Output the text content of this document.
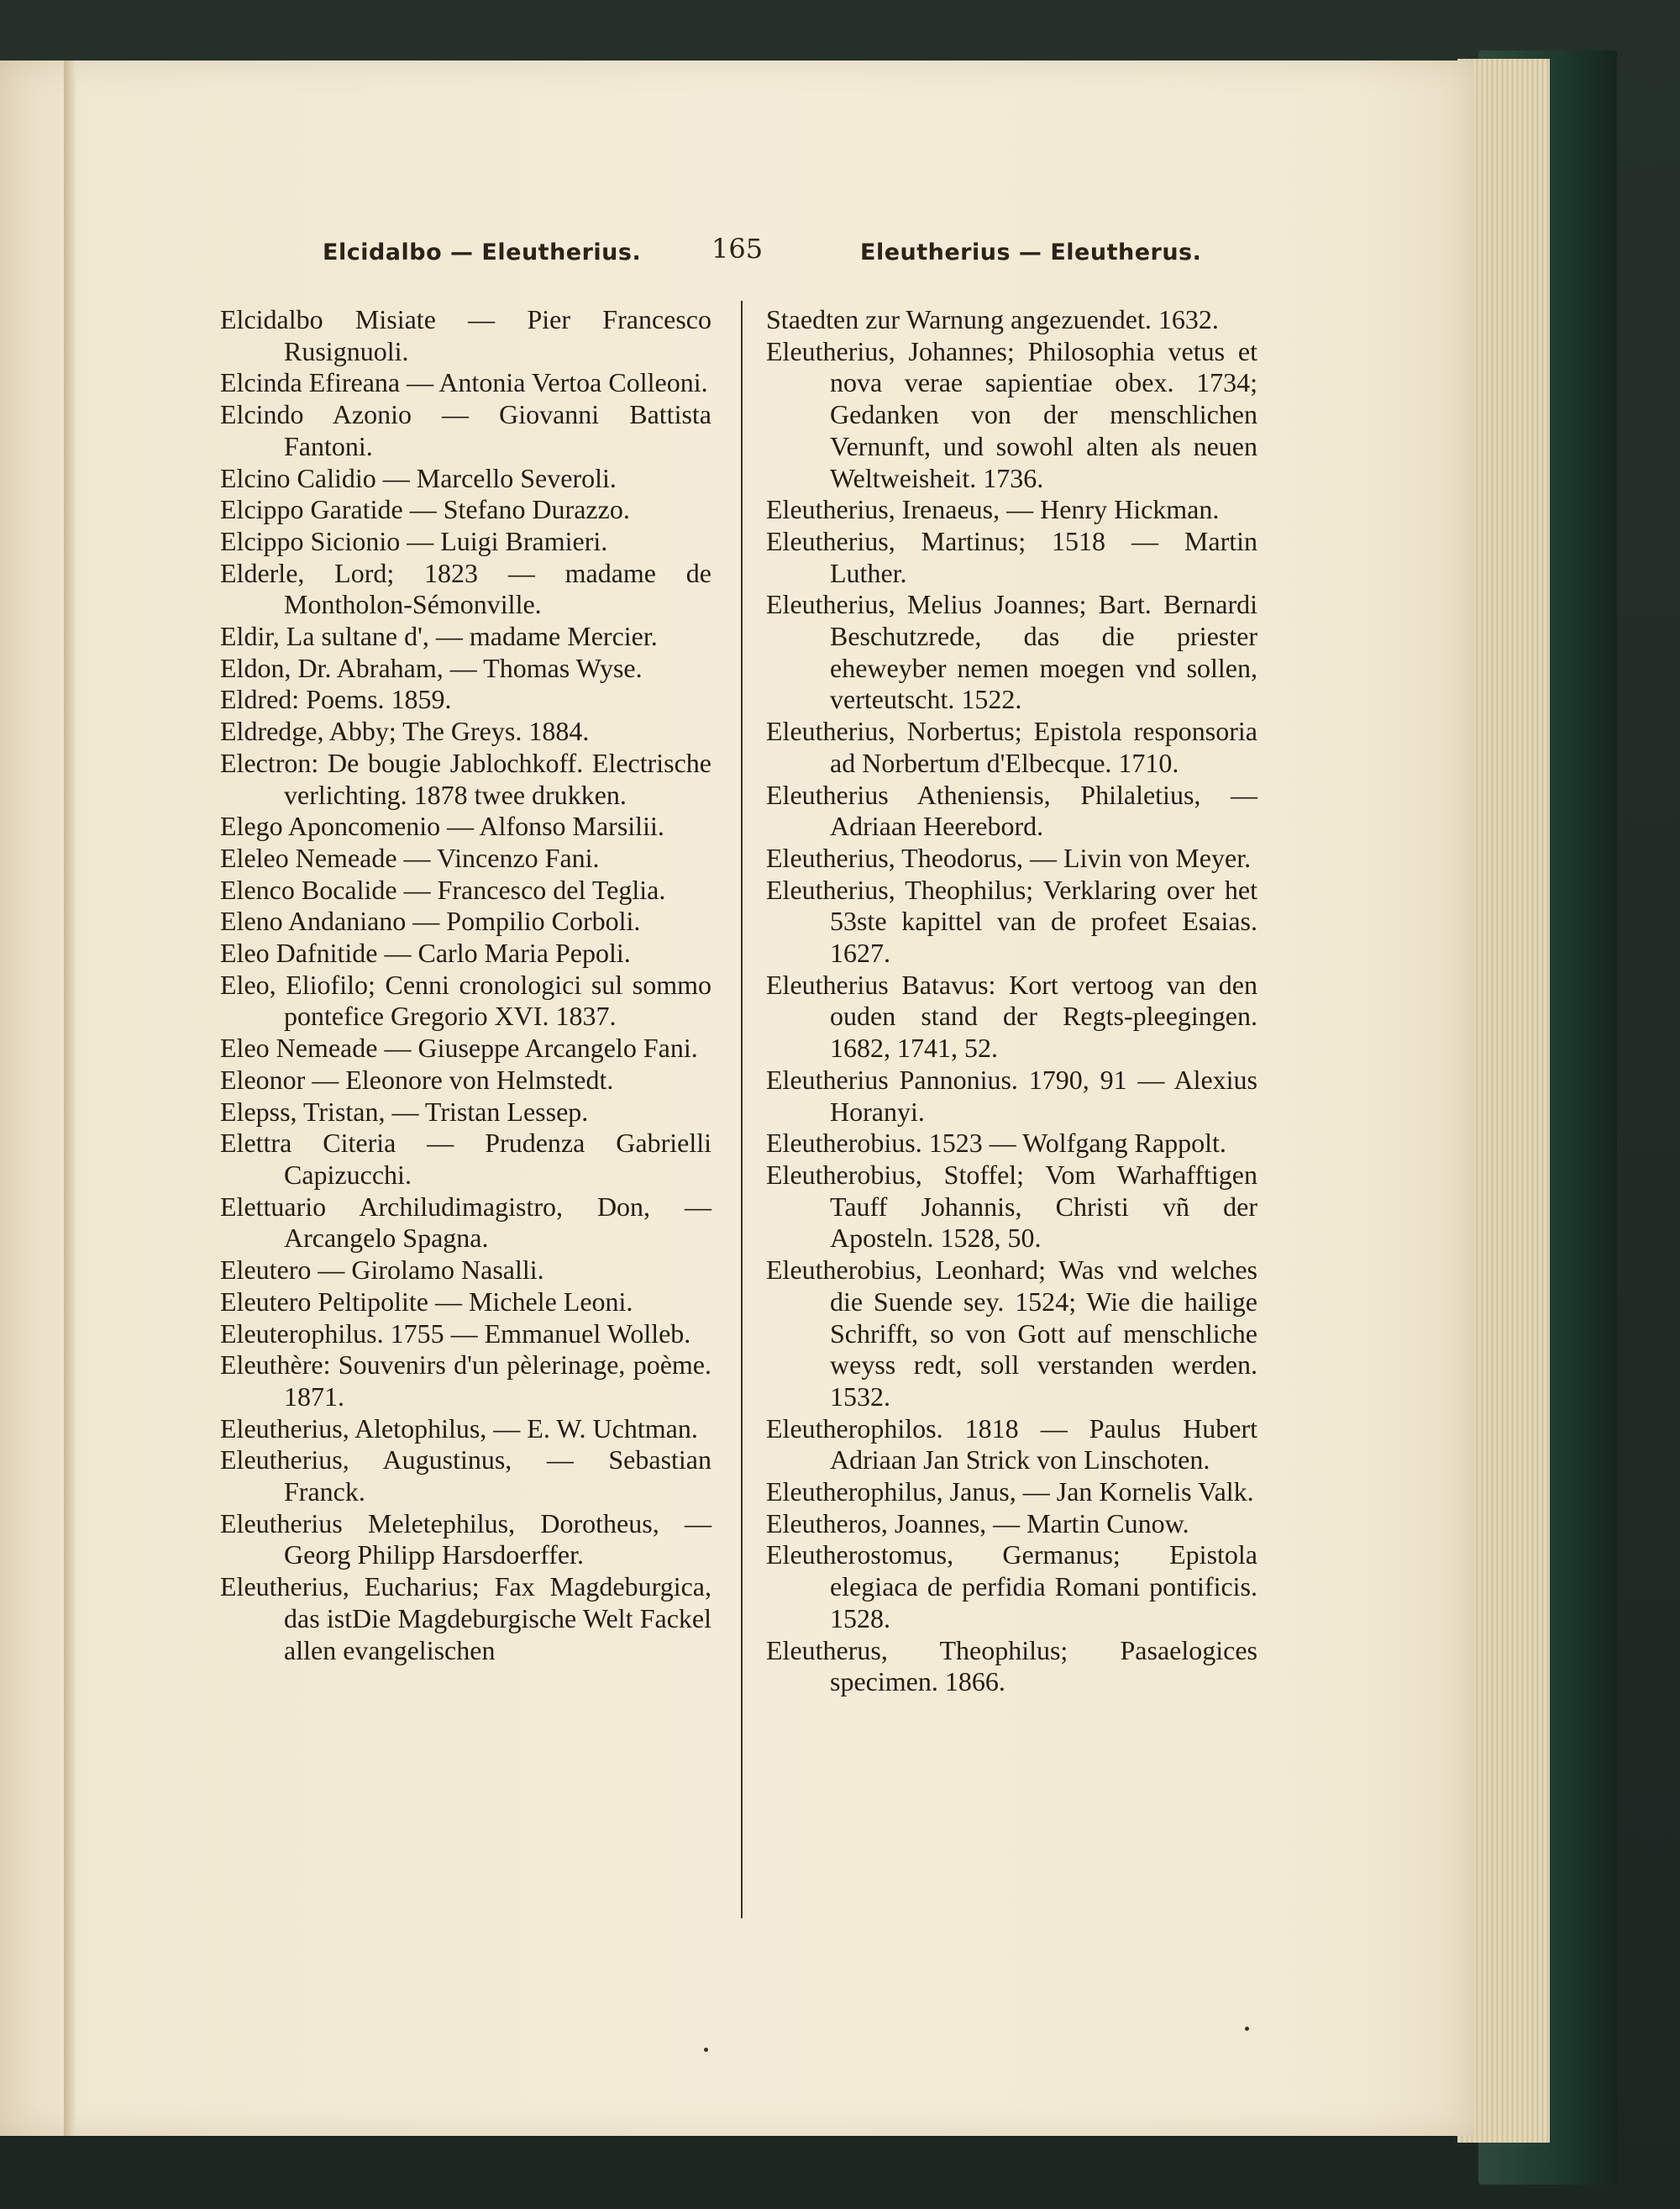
Elcidalbo — Eleutherius.	165	Eleutherius — Eleutherus.

Elcidalbo Misiate — Pier Francesco Rusignuoli.

Elcinda Efireana — Antonia Vertoa Colleoni.

Elcindo Azonio — Giovanni Battista Fantoni.

Elcino Calidio — Marcello Severoli.

Elcippo Garatide — Stefano Durazzo.

Elcippo Sicionio — Luigi Bramieri.

Elderle, Lord; 1823 — madame de Montholon-Sémonville.

Eldir, La sultane d', — madame Mercier.

Eldon, Dr. Abraham, — Thomas Wyse.

Eldred: Poems. 1859.

Eldredge, Abby; The Greys. 1884.

Electron: De bougie Jablochkoff. Electrische verlichting. 1878 twee drukken.

Elego Aponcomenio — Alfonso Marsilii.

Eleleo Nemeade — Vincenzo Fani.

Elenco Bocalide — Francesco del Teglia.

Eleno Andaniano — Pompilio Corboli.

Eleo Dafnitide — Carlo Maria Pepoli.

Eleo, Eliofilo; Cenni cronologici sul sommo pontefice Gregorio XVI. 1837.

Eleo Nemeade — Giuseppe Arcangelo Fani.

Eleonor — Eleonore von Helmstedt.

Elepss, Tristan, — Tristan Lessep.

Elettra Citeria — Prudenza Gabrielli Capizucchi.

Elettuario Archiludimagistro, Don, — Arcangelo Spagna.

Eleutero — Girolamo Nasalli.

Eleutero Peltipolite — Michele Leoni.

Eleuterophilus. 1755 — Emmanuel Wolleb.

Eleuthère: Souvenirs d'un pèlerinage, poème. 1871.

Eleutherius, Aletophilus, — E. W. Uchtman.

Eleutherius, Augustinus, — Sebastian Franck.

Eleutherius Meletephilus, Dorotheus, — Georg Philipp Harsdoerffer.

Eleutherius, Eucharius; Fax Magdeburgica, das istDie Magdeburgische Welt Fackel allen evangelischen

Staedten zur Warnung angezuendet. 1632.

Eleutherius, Johannes; Philosophia vetus et nova verae sapientiae obex. 1734; Gedanken von der menschlichen Vernunft, und sowohl alten als neuen Weltweisheit. 1736.

Eleutherius, Irenaeus, — Henry Hickman.

Eleutherius, Martinus; 1518 — Martin Luther.

Eleutherius, Melius Joannes; Bart. Bernardi Beschutzrede, das die priester eheweyber nemen moegen vnd sollen, verteutscht. 1522.

Eleutherius, Norbertus; Epistola responsoria ad Norbertum d'Elbecque. 1710.

Eleutherius Atheniensis, Philaletius, — Adriaan Heerebord.

Eleutherius, Theodorus, — Livin von Meyer.

Eleutherius, Theophilus; Verklaring over het 53ste kapittel van de profeet Esaias. 1627.

Eleutherius Batavus: Kort vertoog van den ouden stand der Regts-pleegingen. 1682, 1741, 52.

Eleutherius Pannonius. 1790, 91 — Alexius Horanyi.

Eleutherobius. 1523 — Wolfgang Rappolt.

Eleutherobius, Stoffel; Vom Warhafftigen Tauff Johannis, Christi vñ der Aposteln. 1528, 50.

Eleutherobius, Leonhard; Was vnd welches die Suende sey. 1524; Wie die hailige Schrifft, so von Gott auf menschliche weyss redt, soll verstanden werden. 1532.

Eleutherophilos. 1818 — Paulus Hubert Adriaan Jan Strick von Linschoten.

Eleutherophilus, Janus, — Jan Kornelis Valk.

Eleutheros, Joannes, — Martin Cunow.

Eleutherostomus, Germanus; Epistola elegiaca de perfidia Romani pontificis. 1528.

Eleutherus, Theophilus; Pasaelogices specimen. 1866.
